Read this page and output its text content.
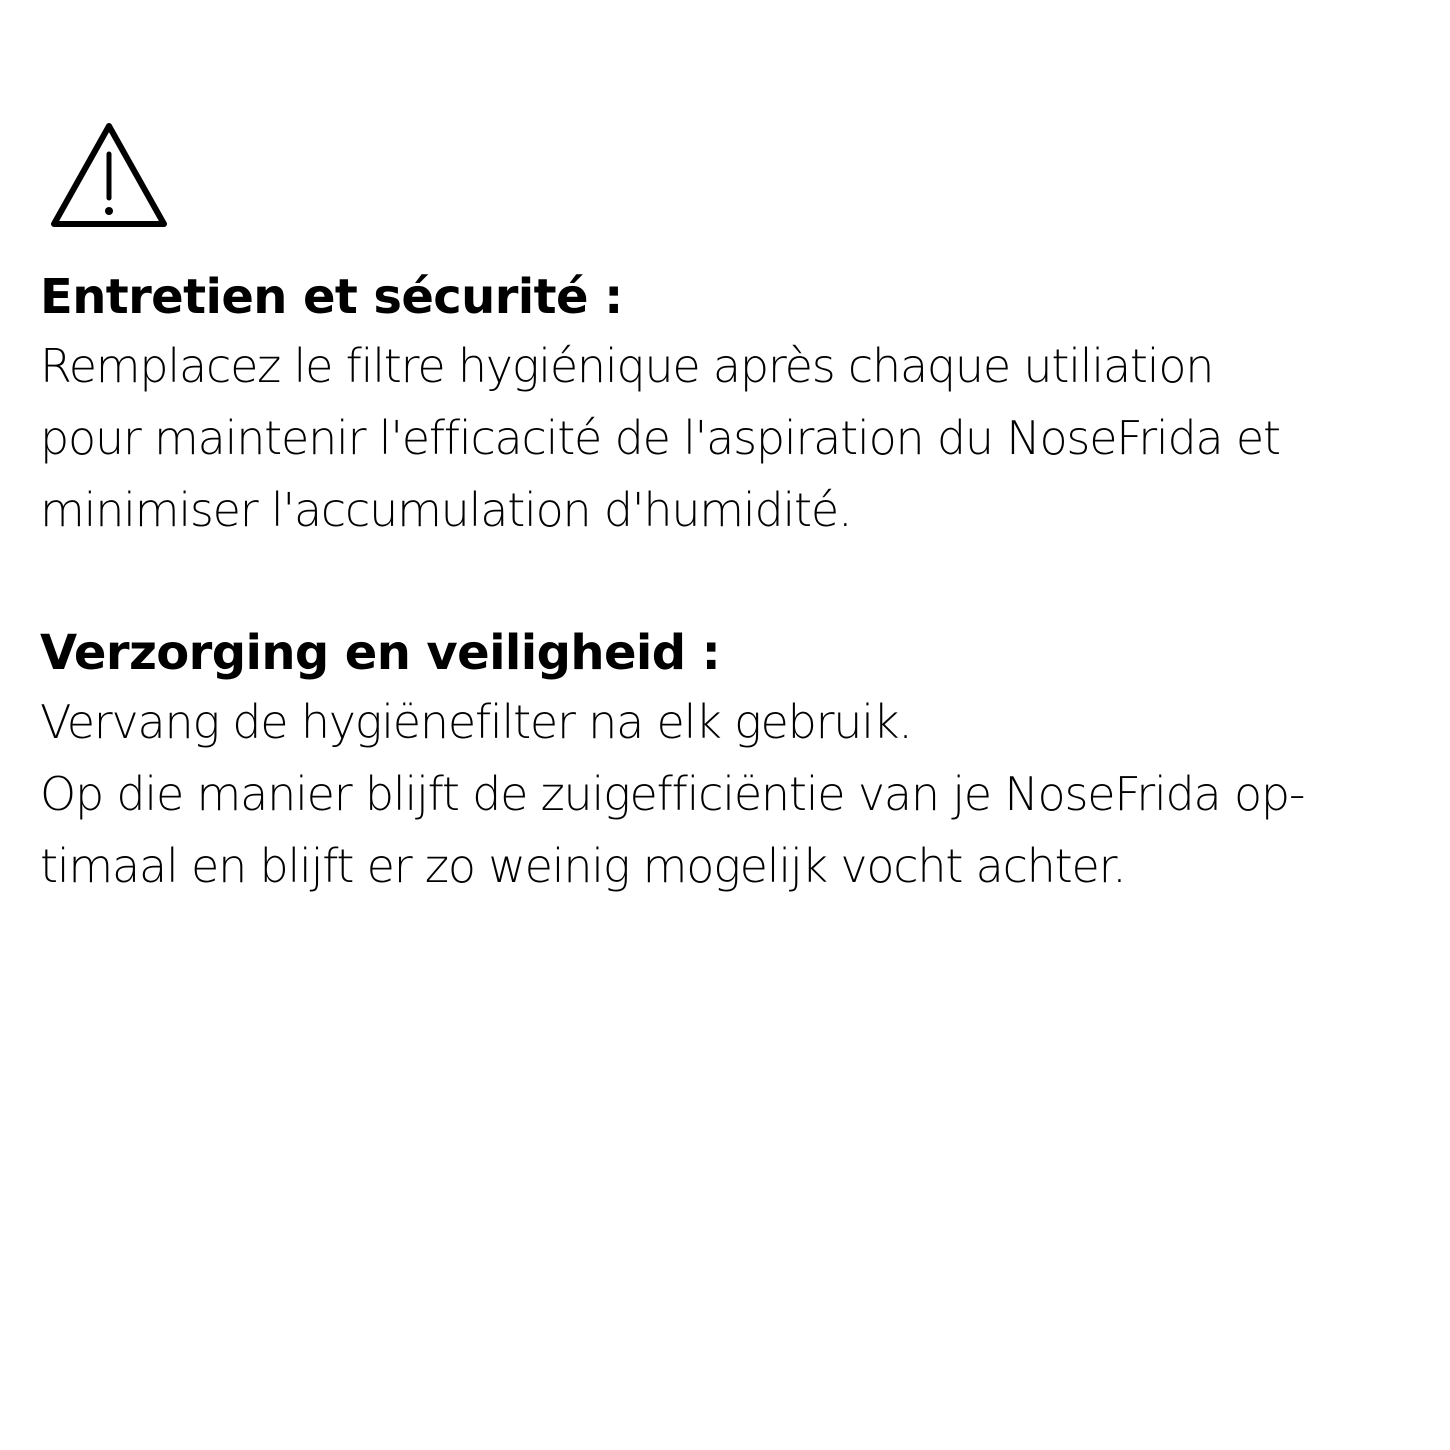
Entretien et sécurité :

Remplacez le filtre hygiénique après chaque utiliation

pour maintenir l'efficacité de l'aspiration du NoseFrida et

minimiser l'accumulation d'humidité.

Verzorging en veiligheid :

Vervang de hygiënefilter na elk gebruik.

Op die manier blijft de zuigefficiëntie van je NoseFrida op-

timaal en blijft er zo weinig mogelijk vocht achter.
